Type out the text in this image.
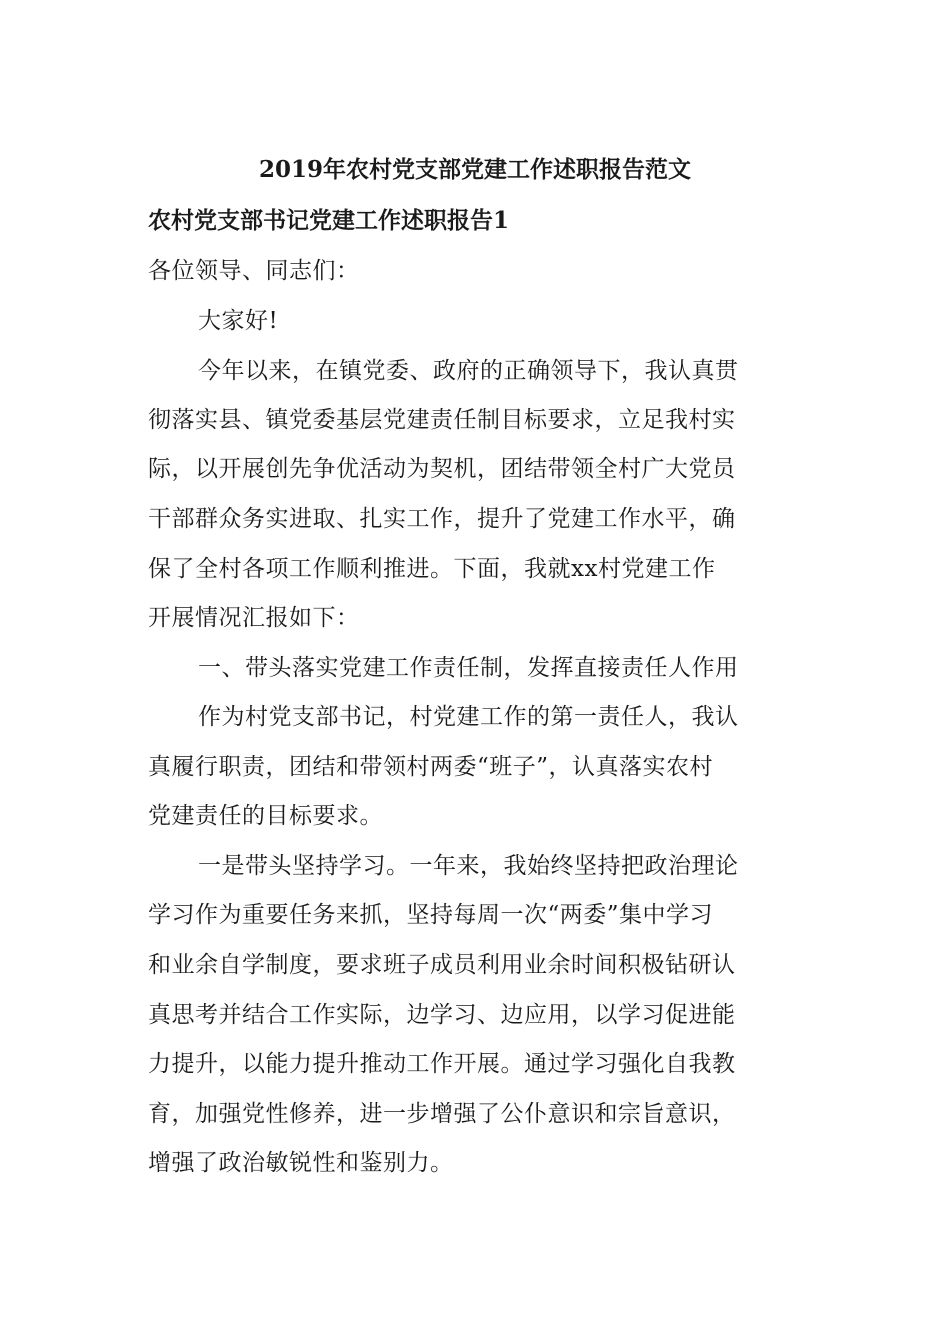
2019年农村党支部党建工作述职报告范文
农村党支部书记党建工作述职报告1
各位领导、同志们：
大家好!
今年以来，在镇党委、政府的正确领导下，我认真贯
彻落实县、镇党委基层党建责任制目标要求，立足我村实
际，以开展创先争优活动为契机，团结带领全村广大党员
干部群众务实进取、扎实工作，提升了党建工作水平，确
保了全村各项工作顺利推进。下面，我就xx村党建工作
开展情况汇报如下：
一、带头落实党建工作责任制，发挥直接责任人作用
作为村党支部书记，村党建工作的第一责任人，我认
真履行职责，团结和带领村两委“班子”，认真落实农村
党建责任的目标要求。
一是带头坚持学习。一年来，我始终坚持把政治理论
学习作为重要任务来抓，坚持每周一次“两委”集中学习
和业余自学制度，要求班子成员利用业余时间积极钻研认
真思考并结合工作实际，边学习、边应用，以学习促进能
力提升，以能力提升推动工作开展。通过学习强化自我教
育，加强党性修养，进一步增强了公仆意识和宗旨意识，
增强了政治敏锐性和鉴别力。
